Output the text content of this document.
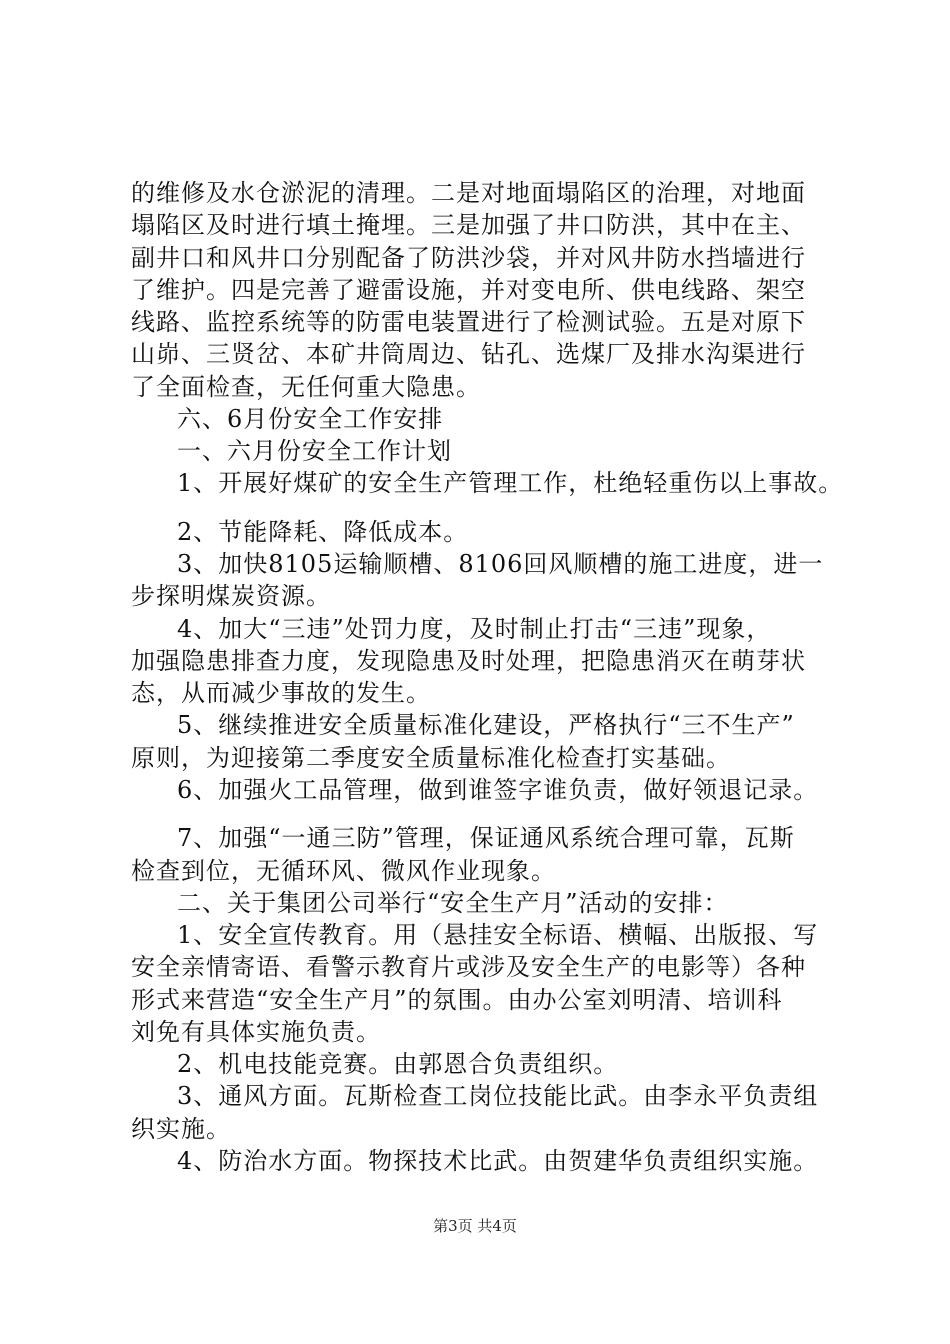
的维修及水仓淤泥的清理。二是对地面塌陷区的治理，对地面
塌陷区及时进行填土掩埋。三是加强了井口防洪，其中在主、
副井口和风井口分别配备了防洪沙袋，并对风井防水挡墙进行
了维护。四是完善了避雷设施，并对变电所、供电线路、架空
线路、监控系统等的防雷电装置进行了检测试验。五是对原下
山峁、三贤岔、本矿井筒周边、钻孔、选煤厂及排水沟渠进行
了全面检查，无任何重大隐患。
六、6月份安全工作安排
一、六月份安全工作计划
1、开展好煤矿的安全生产管理工作，杜绝轻重伤以上事故。
2、节能降耗、降低成本。
3、加快8105运输顺槽、8106回风顺槽的施工进度，进一
步探明煤炭资源。
4、加大“三违”处罚力度，及时制止打击“三违”现象，
加强隐患排查力度，发现隐患及时处理，把隐患消灭在萌芽状
态，从而减少事故的发生。
5、继续推进安全质量标准化建设，严格执行“三不生产”
原则，为迎接第二季度安全质量标准化检查打实基础。
6、加强火工品管理，做到谁签字谁负责，做好领退记录。
7、加强“一通三防”管理，保证通风系统合理可靠，瓦斯
检查到位，无循环风、微风作业现象。
二、关于集团公司举行“安全生产月”活动的安排：
1、安全宣传教育。用（悬挂安全标语、横幅、出版报、写
安全亲情寄语、看警示教育片或涉及安全生产的电影等）各种
形式来营造“安全生产月”的氛围。由办公室刘明清、培训科
刘免有具体实施负责。
2、机电技能竞赛。由郭恩合负责组织。
3、通风方面。瓦斯检查工岗位技能比武。由李永平负责组
织实施。
4、防治水方面。物探技术比武。由贺建华负责组织实施。
第3页 共4页
